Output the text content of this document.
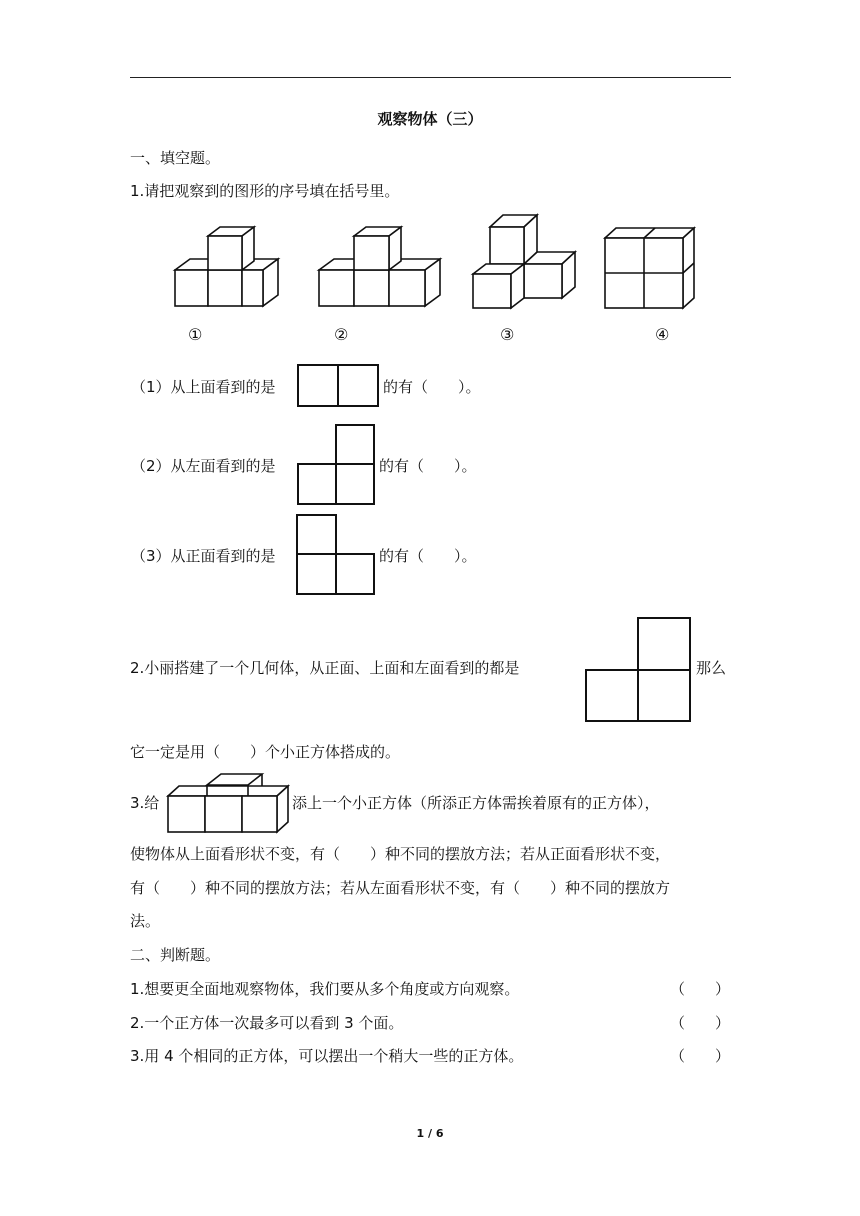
观察物体（三）
一、填空题。
1.请把观察到的图形的序号填在括号里。
①	②	③	④
（1）从上面看到的是	的有（　　）。
（2）从左面看到的是	的有（　　）。
（3）从正面看到的是	的有（　　）。
2.小丽搭建了一个几何体，从正面、上面和左面看到的都是	那么
它一定是用（　　）个小正方体搭成的。
3.给	添上一个小正方体（所添正方体需挨着原有的正方体），
使物体从上面看形状不变，有（　　）种不同的摆放方法；若从正面看形状不变，
有（　　）种不同的摆放方法；若从左面看形状不变，有（　　）种不同的摆放方
法。
二、判断题。
1.想要更全面地观察物体，我们要从多个角度或方向观察。	（　　）
2.一个正方体一次最多可以看到 3 个面。	（　　）
3.用 4 个相同的正方体，可以摆出一个稍大一些的正方体。	（　　）
1 / 6
